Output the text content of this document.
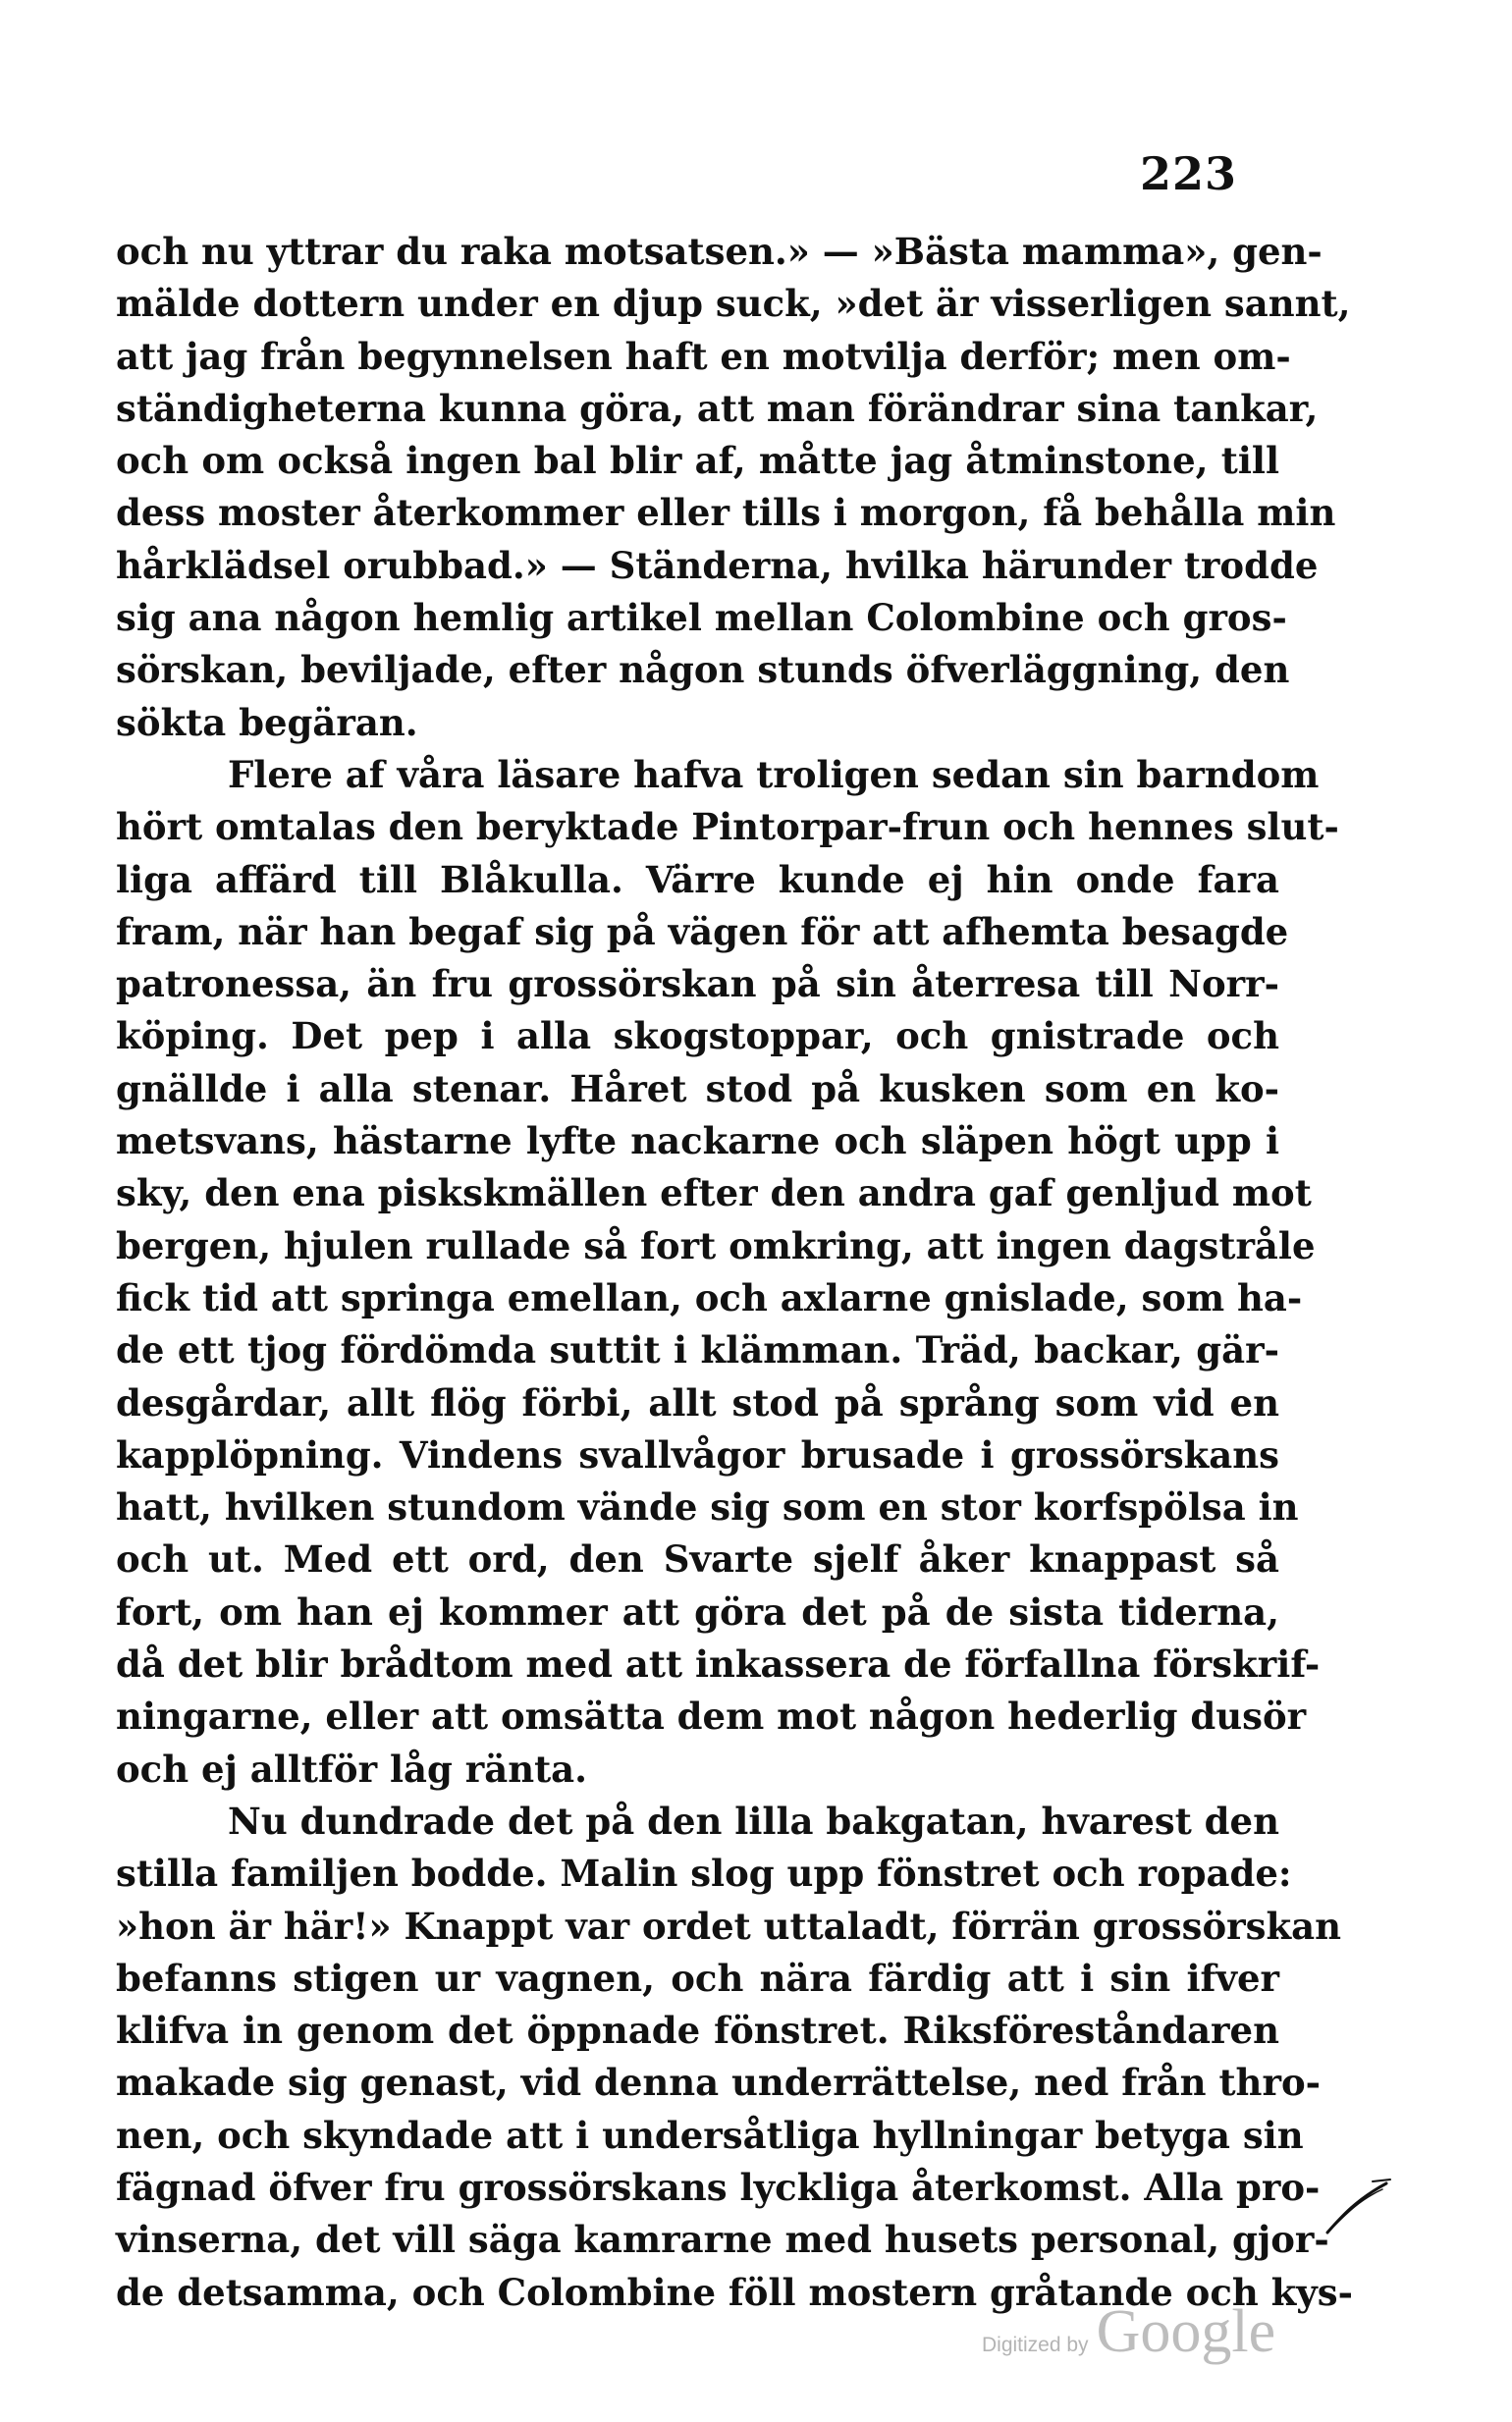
223
och nu yttrar du raka motsatsen.» — »Bästa mamma», gen-
mälde dottern under en djup suck, »det är visserligen sannt,
att jag från begynnelsen haft en motvilja derför; men om-
ständigheterna kunna göra, att man förändrar sina tankar,
och om också ingen bal blir af, måtte jag åtminstone, till
dess moster återkommer eller tills i morgon, få behålla min
hårklädsel orubbad.» — Ständerna, hvilka härunder trodde
sig ana någon hemlig artikel mellan Colombine och gros-
sörskan, beviljade, efter någon stunds öfverläggning, den
sökta begäran.
Flere af våra läsare hafva troligen sedan sin barndom
hört omtalas den beryktade Pintorpar-frun och hennes slut-
liga affärd till Blåkulla. Värre kunde ej hin onde fara
fram, när han begaf sig på vägen för att afhemta besagde
patronessa, än fru grossörskan på sin återresa till Norr-
köping. Det pep i alla skogstoppar, och gnistrade och
gnällde i alla stenar. Håret stod på kusken som en ko-
metsvans, hästarne lyfte nackarne och släpen högt upp i
sky, den ena piskskmällen efter den andra gaf genljud mot
bergen, hjulen rullade så fort omkring, att ingen dagstråle
fick tid att springa emellan, och axlarne gnislade, som ha-
de ett tjog fördömda suttit i klämman. Träd, backar, gär-
desgårdar, allt flög förbi, allt stod på språng som vid en
kapplöpning. Vindens svallvågor brusade i grossörskans
hatt, hvilken stundom vände sig som en stor korfspölsa in
och ut. Med ett ord, den Svarte sjelf åker knappast så
fort, om han ej kommer att göra det på de sista tiderna,
då det blir brådtom med att inkassera de förfallna förskrif-
ningarne, eller att omsätta dem mot någon hederlig dusör
och ej alltför låg ränta.
Nu dundrade det på den lilla bakgatan, hvarest den
stilla familjen bodde. Malin slog upp fönstret och ropade:
»hon är här!» Knappt var ordet uttaladt, förrän grossörskan
befanns stigen ur vagnen, och nära färdig att i sin ifver
klifva in genom det öppnade fönstret. Riksföreståndaren
makade sig genast, vid denna underrättelse, ned från thro-
nen, och skyndade att i undersåtliga hyllningar betyga sin
fägnad öfver fru grossörskans lyckliga återkomst. Alla pro-
vinserna, det vill säga kamrarne med husets personal, gjor-
de detsamma, och Colombine föll mostern gråtande och kys-
Digitized by Google
